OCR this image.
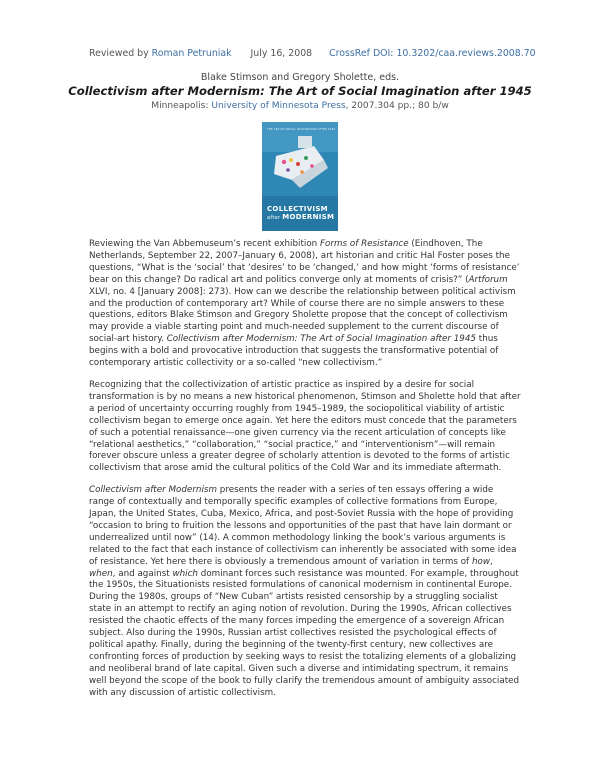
Reviewed by Roman Petruniak July 16, 2008 CrossRef DOI: 10.3202/caa.reviews.2008.70
Blake Stimson and Gregory Sholette, eds.
Collectivism after Modernism: The Art of Social Imagination after 1945
Minneapolis: University of Minnesota Press, 2007.304 pp.; 80 b/w
THE ART OF SOCIAL IMAGINATION AFTER 1945
COLLECTIVISM
after MODERNISM

Reviewing the Van Abbemuseum’s recent exhibition Forms of Resistance (Eindhoven, The Netherlands, September 22, 2007–January 6, 2008), art historian and critic Hal Foster poses the questions, “What is the ‘social’ that ‘desires’ to be ‘changed,’ and how might ‘forms of resistance’ bear on this change? Do radical art and politics converge only at moments of crisis?” (Artforum XLVI, no. 4 [January 2008]: 273). How can we describe the relationship between political activism and the production of contemporary art? While of course there are no simple answers to these questions, editors Blake Stimson and Gregory Sholette propose that the concept of collectivism may provide a viable starting point and much-needed supplement to the current discourse of social-art history. Collectivism after Modernism: The Art of Social Imagination after 1945 thus begins with a bold and provocative introduction that suggests the transformative potential of contemporary artistic collectivity or a so-called “new collectivism.”

Recognizing that the collectivization of artistic practice as inspired by a desire for social transformation is by no means a new historical phenomenon, Stimson and Sholette hold that after a period of uncertainty occurring roughly from 1945–1989, the sociopolitical viability of artistic collectivism began to emerge once again. Yet here the editors must concede that the parameters of such a potential renaissance—one given currency via the recent articulation of concepts like “relational aesthetics,” “collaboration,” “social practice,” and “interventionism”—will remain forever obscure unless a greater degree of scholarly attention is devoted to the forms of artistic collectivism that arose amid the cultural politics of the Cold War and its immediate aftermath.

Collectivism after Modernism presents the reader with a series of ten essays offering a wide range of contextually and temporally specific examples of collective formations from Europe, Japan, the United States, Cuba, Mexico, Africa, and post-Soviet Russia with the hope of providing “occasion to bring to fruition the lessons and opportunities of the past that have lain dormant or underrealized until now” (14). A common methodology linking the book’s various arguments is related to the fact that each instance of collectivism can inherently be associated with some idea of resistance. Yet here there is obviously a tremendous amount of variation in terms of how, when, and against which dominant forces such resistance was mounted. For example, throughout the 1950s, the Situationists resisted formulations of canonical modernism in continental Europe. During the 1980s, groups of “New Cuban” artists resisted censorship by a struggling socialist state in an attempt to rectify an aging notion of revolution. During the 1990s, African collectives resisted the chaotic effects of the many forces impeding the emergence of a sovereign African subject. Also during the 1990s, Russian artist collectives resisted the psychological effects of political apathy. Finally, during the beginning of the twenty-first century, new collectives are confronting forces of production by seeking ways to resist the totalizing elements of a globalizing and neoliberal brand of late capital. Given such a diverse and intimidating spectrum, it remains well beyond the scope of the book to fully clarify the tremendous amount of ambiguity associated with any discussion of artistic collectivism.
